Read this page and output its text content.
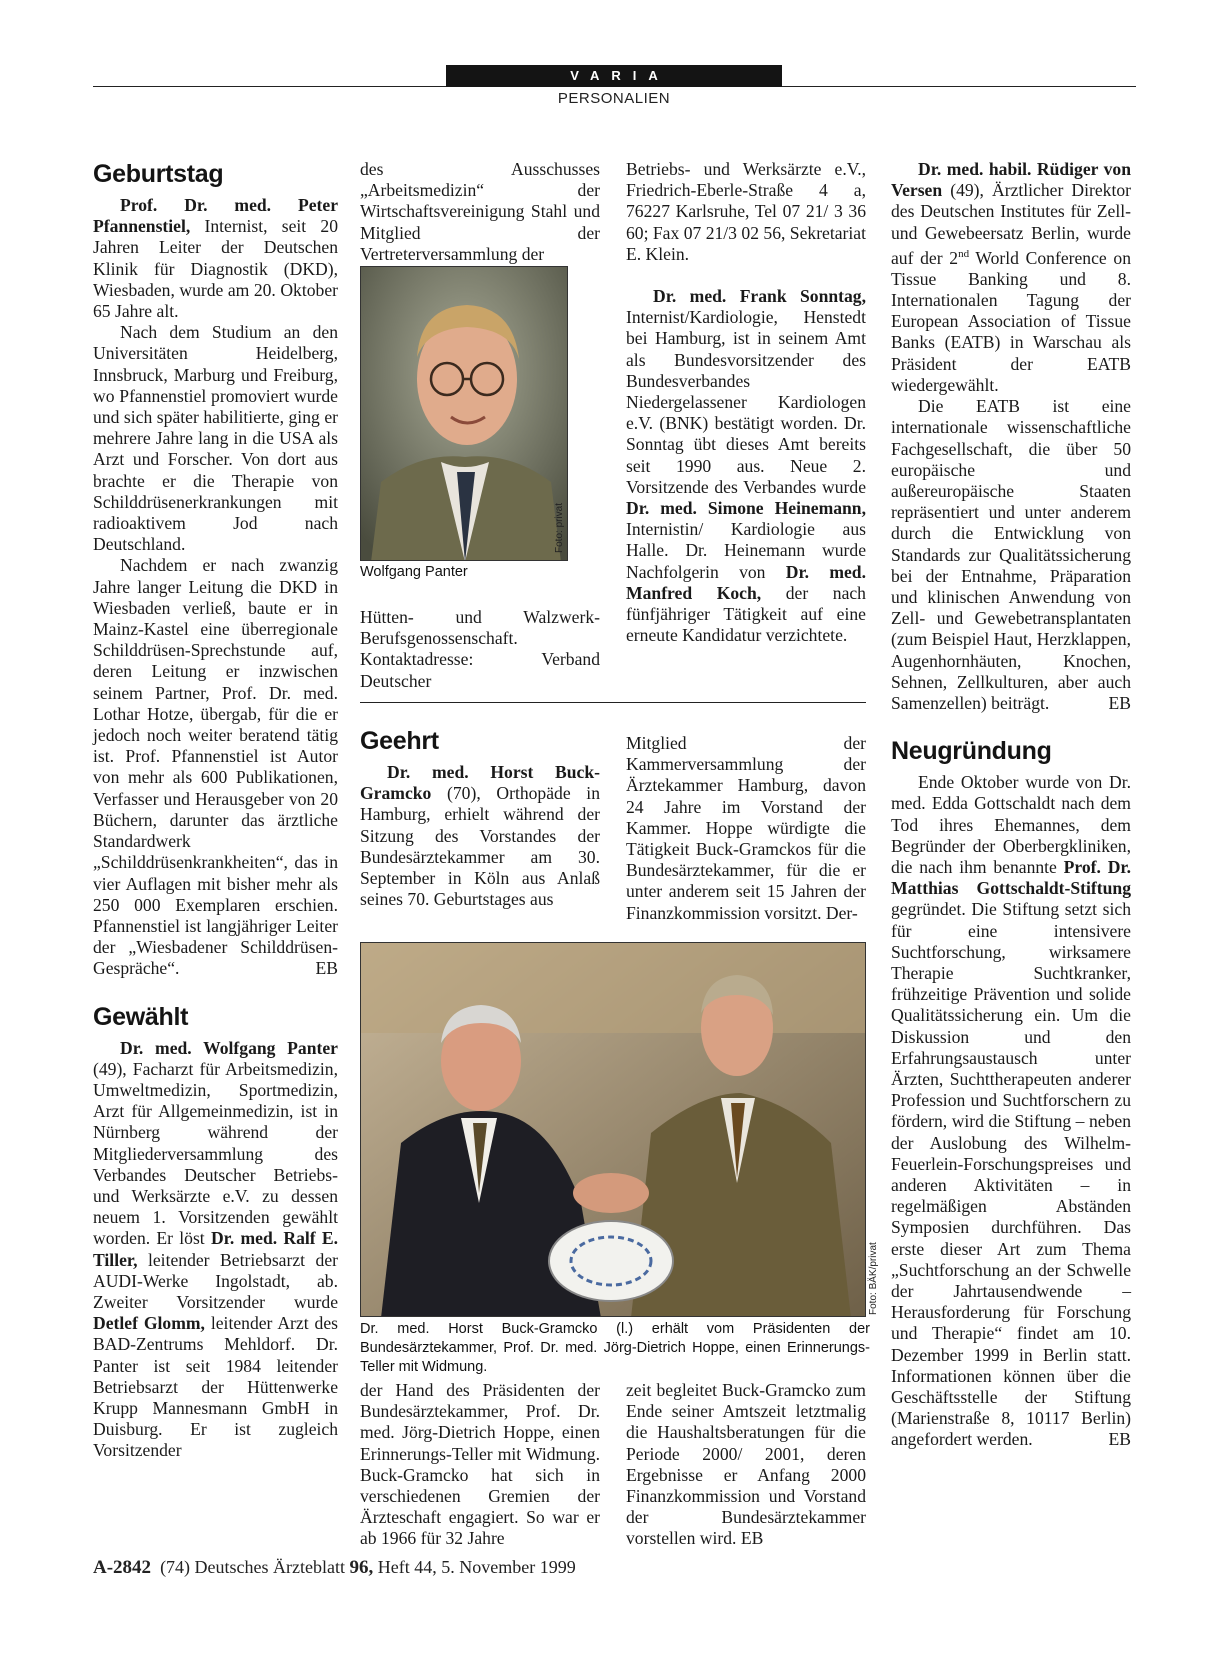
VARIA
PERSONALIEN
Geburtstag

Prof. Dr. med. Peter Pfannenstiel, Internist, seit 20 Jahren Leiter der Deutschen Klinik für Diagnostik (DKD), Wiesbaden, wurde am 20. Oktober 65 Jahre alt.

Nach dem Studium an den Universitäten Heidelberg, Innsbruck, Marburg und Freiburg, wo Pfannenstiel promoviert wurde und sich später habilitierte, ging er mehrere Jahre lang in die USA als Arzt und Forscher. Von dort aus brachte er die Therapie von Schilddrüsenerkrankungen mit radioaktivem Jod nach Deutschland.

Nachdem er nach zwanzig Jahre langer Leitung die DKD in Wiesbaden verließ, baute er in Mainz-Kastel eine überregionale Schilddrüsen-Sprechstunde auf, deren Leitung er inzwischen seinem Partner, Prof. Dr. med. Lothar Hotze, übergab, für die er jedoch noch weiter beratend tätig ist. Prof. Pfannenstiel ist Autor von mehr als 600 Publikationen, Verfasser und Herausgeber von 20 Büchern, darunter das ärztliche Standardwerk „Schilddrüsenkrankheiten“, das in vier Auflagen mit bisher mehr als 250 000 Exemplaren erschien. Pfannenstiel ist langjähriger Leiter der „Wiesbadener Schilddrüsen-Gespräche“.	EB

Gewählt

Dr. med. Wolfgang Panter (49), Facharzt für Arbeitsmedizin, Umweltmedizin, Sportmedizin, Arzt für Allgemeinmedizin, ist in Nürnberg während der Mitgliederversammlung des Verbandes Deutscher Betriebs- und Werksärzte e.V. zu dessen neuem 1. Vorsitzenden gewählt worden. Er löst Dr. med. Ralf E. Tiller, leitender Betriebsarzt der AUDI-Werke Ingolstadt, ab. Zweiter Vorsitzender wurde Detlef Glomm, leitender Arzt des BAD-Zentrums Mehldorf. Dr. Panter ist seit 1984 leitender Betriebsarzt der Hüttenwerke Krupp Mannesmann GmbH in Duisburg. Er ist zugleich Vorsitzender

des Ausschusses „Arbeitsmedizin“ der Wirtschaftsvereinigung Stahl und Mitglied der Vertreterversammlung der

Foto: privat
Wolfgang Panter

Hütten- und Walzwerk-Berufsgenossenschaft. Kontaktadresse: Verband Deutscher

Betriebs- und Werksärzte e.V., Friedrich-Eberle-Straße 4 a, 76227 Karlsruhe, Tel 07 21/ 3 36 60; Fax 07 21/3 02 56, Sekretariat E. Klein.

Dr. med. Frank Sonntag, Internist/Kardiologie, Henstedt bei Hamburg, ist in seinem Amt als Bundesvorsitzender des Bundesverbandes Niedergelassener Kardiologen e.V. (BNK) bestätigt worden. Dr. Sonntag übt dieses Amt bereits seit 1990 aus. Neue 2. Vorsitzende des Verbandes wurde Dr. med. Simone Heinemann, Internistin/ Kardiologie aus Halle. Dr. Heinemann wurde Nachfolgerin von Dr. med. Manfred Koch, der nach fünfjähriger Tätigkeit auf eine erneute Kandidatur verzichtete.

Geehrt

Dr. med. Horst Buck-Gramcko (70), Orthopäde in Hamburg, erhielt während der Sitzung des Vorstandes der Bundesärztekammer am 30. September in Köln aus Anlaß seines 70. Geburtstages aus

Mitglied der Kammerversammlung der Ärztekammer Hamburg, davon 24 Jahre im Vorstand der Kammer. Hoppe würdigte die Tätigkeit Buck-Gramckos für die Bundesärztekammer, für die er unter anderem seit 15 Jahren der Finanzkommission vorsitzt. Der-

Foto: BÄK/privat
Dr. med. Horst Buck-Gramcko (l.) erhält vom Präsidenten der Bundesärztekammer, Prof. Dr. med. Jörg-Dietrich Hoppe, einen Erinnerungs-Teller mit Widmung.

der Hand des Präsidenten der Bundesärztekammer, Prof. Dr. med. Jörg-Dietrich Hoppe, einen Erinnerungs-Teller mit Widmung. Buck-Gramcko hat sich in verschiedenen Gremien der Ärzteschaft engagiert. So war er ab 1966 für 32 Jahre

zeit begleitet Buck-Gramcko zum Ende seiner Amtszeit letztmalig die Haushaltsberatungen für die Periode 2000/ 2001, deren Ergebnisse er Anfang 2000 Finanzkommission und Vorstand der Bundesärztekammer vorstellen wird. EB

Dr. med. habil. Rüdiger von Versen (49), Ärztlicher Direktor des Deutschen Institutes für Zell- und Gewebeersatz Berlin, wurde auf der 2nd World Conference on Tissue Banking und 8. Internationalen Tagung der European Association of Tissue Banks (EATB) in Warschau als Präsident der EATB wiedergewählt.

Die EATB ist eine internationale wissenschaftliche Fachgesellschaft, die über 50 europäische und außereuropäische Staaten repräsentiert und unter anderem durch die Entwicklung von Standards zur Qualitätssicherung bei der Entnahme, Präparation und klinischen Anwendung von Zell- und Gewebetransplantaten (zum Beispiel Haut, Herzklappen, Augenhornhäuten, Knochen, Sehnen, Zellkulturen, aber auch Samenzellen) beiträgt.	EB

Neugründung

Ende Oktober wurde von Dr. med. Edda Gottschaldt nach dem Tod ihres Ehemannes, dem Begründer der Oberbergkliniken, die nach ihm benannte Prof. Dr. Matthias Gottschaldt-Stiftung gegründet. Die Stiftung setzt sich für eine intensivere Suchtforschung, wirksamere Therapie Suchtkranker, frühzeitige Prävention und solide Qualitätssicherung ein. Um die Diskussion und den Erfahrungsaustausch unter Ärzten, Suchttherapeuten anderer Profession und Suchtforschern zu fördern, wird die Stiftung – neben der Auslobung des Wilhelm-Feuerlein-Forschungspreises und anderen Aktivitäten – in regelmäßigen Abständen Symposien durchführen. Das erste dieser Art zum Thema „Suchtforschung an der Schwelle der Jahrtausendwende – Herausforderung für Forschung und Therapie“ findet am 10. Dezember 1999 in Berlin statt. Informationen können über die Geschäftsstelle der Stiftung (Marienstraße 8, 10117 Berlin) angefordert werden.	EB

A-2842  (74) Deutsches Ärzteblatt 96, Heft 44, 5. November 1999
